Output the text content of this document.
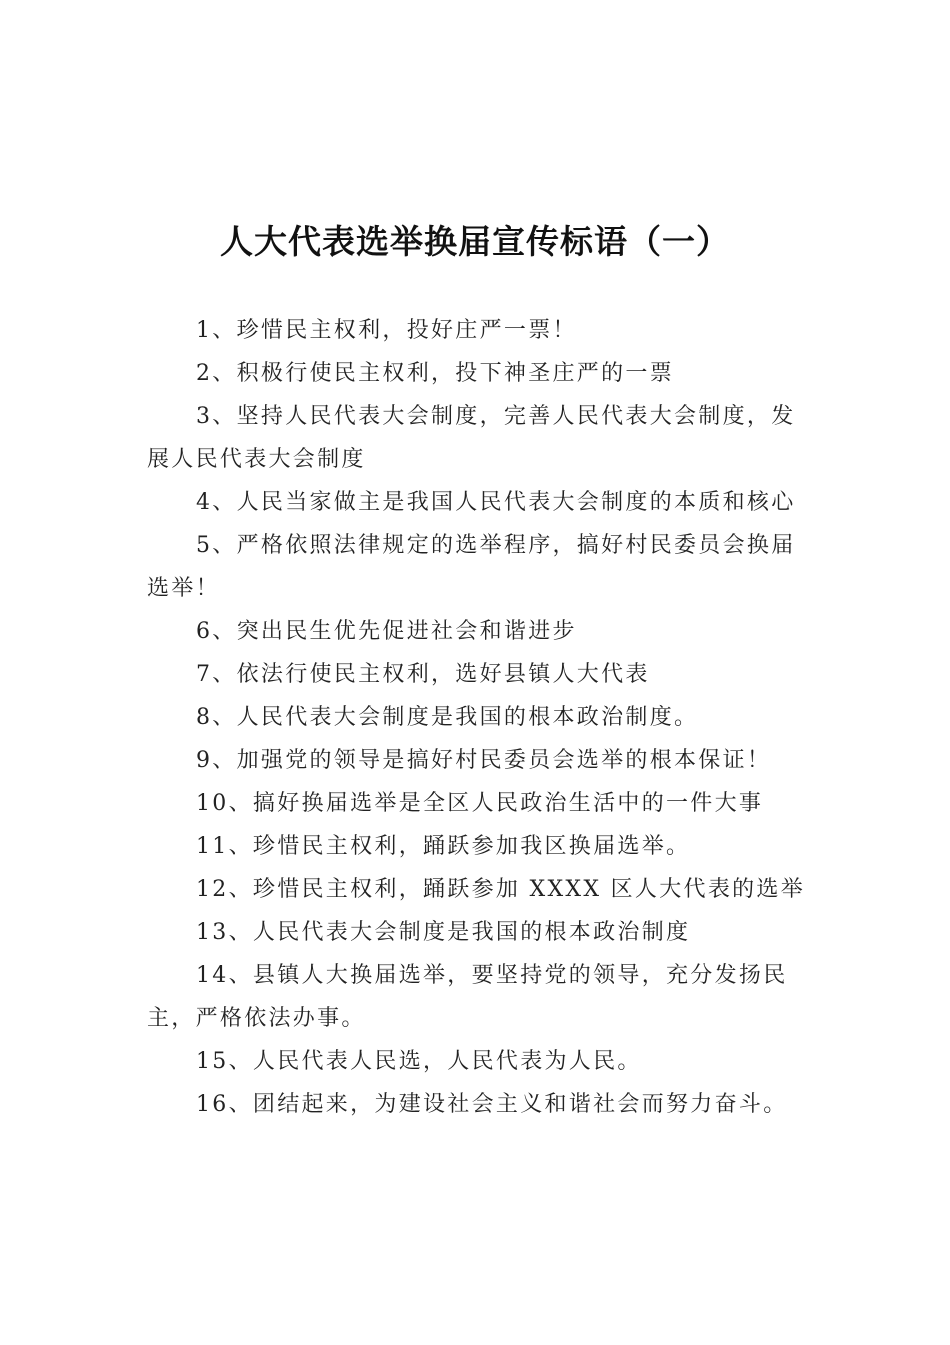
人大代表选举换届宣传标语（一）
1、珍惜民主权利，投好庄严一票！
2、积极行使民主权利，投下神圣庄严的一票
3、坚持人民代表大会制度，完善人民代表大会制度，发展人民代表大会制度
4、人民当家做主是我国人民代表大会制度的本质和核心
5、严格依照法律规定的选举程序，搞好村民委员会换届选举！
6、突出民生优先促进社会和谐进步
7、依法行使民主权利，选好县镇人大代表
8、人民代表大会制度是我国的根本政治制度。
9、加强党的领导是搞好村民委员会选举的根本保证！
10、搞好换届选举是全区人民政治生活中的一件大事
11、珍惜民主权利，踊跃参加我区换届选举。
12、珍惜民主权利，踊跃参加 XXXX 区人大代表的选举
13、人民代表大会制度是我国的根本政治制度
14、县镇人大换届选举，要坚持党的领导，充分发扬民主，严格依法办事。
15、人民代表人民选，人民代表为人民。
16、团结起来，为建设社会主义和谐社会而努力奋斗。
